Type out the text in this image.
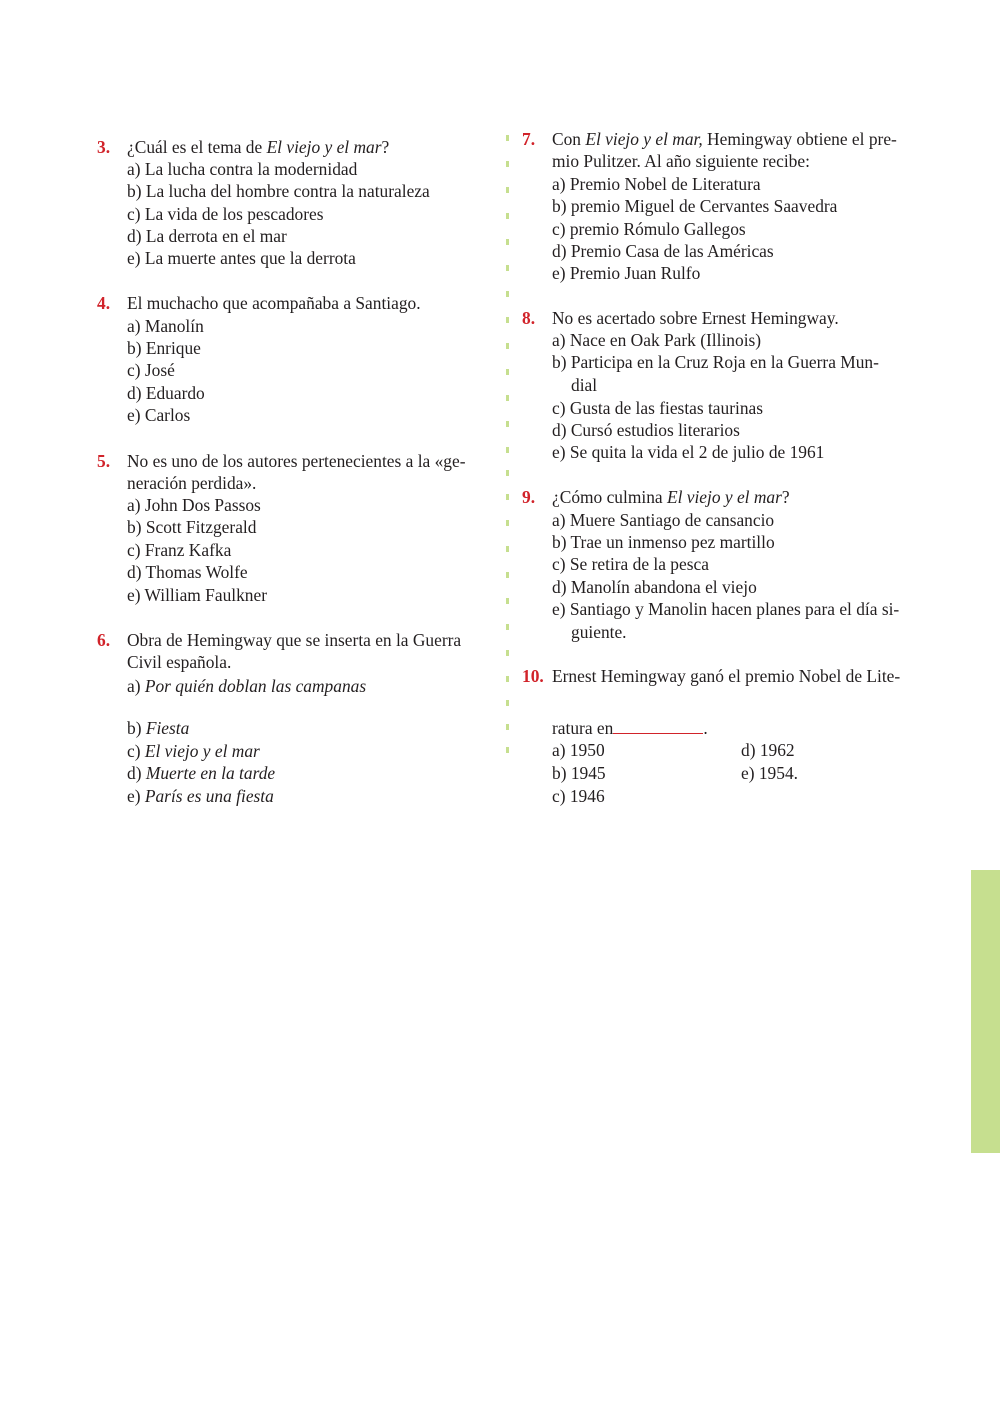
3. ¿Cuál es el tema de El viejo y el mar?
a) La lucha contra la modernidad
b) La lucha del hombre contra la naturaleza
c) La vida de los pescadores
d) La derrota en el mar
e) La muerte antes que la derrota
4. El muchacho que acompañaba a Santiago.
a) Manolín
b) Enrique
c) José
d) Eduardo
e) Carlos
5. No es uno de los autores pertenecientes a la «ge-
neración perdida».
a) John Dos Passos
b) Scott Fitzgerald
c) Franz Kafka
d) Thomas Wolfe
e) William Faulkner
6. Obra de Hemingway que se inserta en la Guerra
Civil española.
a) Por quién doblan las campanas
b) Fiesta
c) El viejo y el mar
d) Muerte en la tarde
e) París es una fiesta
7. Con El viejo y el mar, Hemingway obtiene el pre-
mio Pulitzer. Al año siguiente recibe:
a) Premio Nobel de Literatura
b) premio Miguel de Cervantes Saavedra
c) premio Rómulo Gallegos
d) Premio Casa de las Américas
e) Premio Juan Rulfo
8. No es acertado sobre Ernest Hemingway.
a) Nace en Oak Park (Illinois)
b) Participa en la Cruz Roja en la Guerra Mun-
dial
c) Gusta de las fiestas taurinas
d) Cursó estudios literarios
e) Se quita la vida el 2 de julio de 1961
9. ¿Cómo culmina El viejo y el mar?
a) Muere Santiago de cansancio
b) Trae un inmenso pez martillo
c) Se retira de la pesca
d) Manolín abandona el viejo
e) Santiago y Manolin hacen planes para el día si-
guiente.
10. Ernest Hemingway ganó el premio Nobel de Lite-
ratura en	.
a) 1950	d) 1962
b) 1945	e) 1954.
c) 1946
